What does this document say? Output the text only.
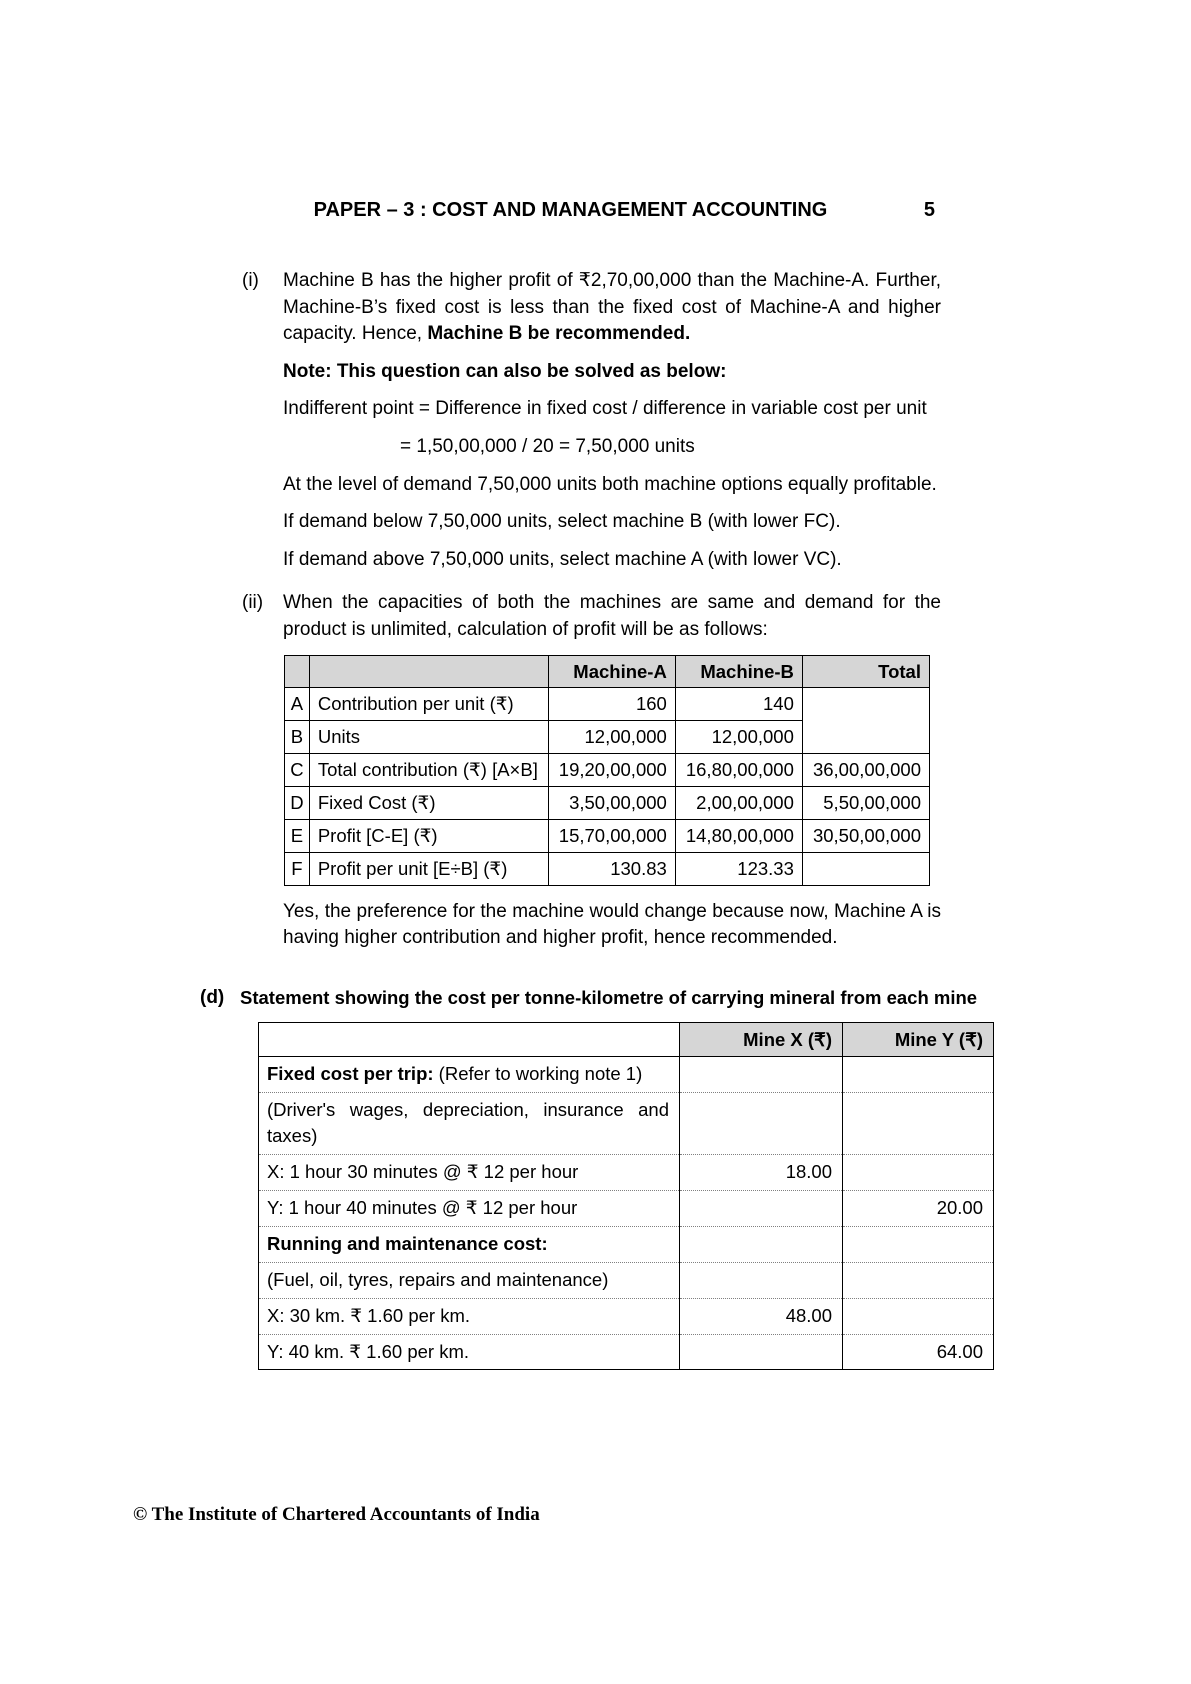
PAPER – 3 : COST AND MANAGEMENT ACCOUNTING	5
(i)	Machine B has the higher profit of ₹2,70,00,000 than the Machine-A. Further, Machine-B’s fixed cost is less than the fixed cost of Machine-A and higher capacity. Hence, Machine B be recommended.

Note: This question can also be solved as below:

Indifferent point = Difference in fixed cost / difference in variable cost per unit

= 1,50,00,000 / 20 = 7,50,000 units

At the level of demand 7,50,000 units both machine options equally profitable.

If demand below 7,50,000 units, select machine B (with lower FC).

If demand above 7,50,000 units, select machine A (with lower VC).

(ii)	When the capacities of both the machines are same and demand for the product is unlimited, calculation of profit will be as follows:

		Machine-A	Machine-B	Total
A	Contribution per unit (₹)	160	140	
B	Units	12,00,000	12,00,000	
C	Total contribution (₹) [A×B]	19,20,00,000	16,80,00,000	36,00,00,000
D	Fixed Cost (₹)	3,50,00,000	2,00,00,000	5,50,00,000
E	Profit [C-E] (₹)	15,70,00,000	14,80,00,000	30,50,00,000
F	Profit per unit [E÷B] (₹)	130.83	123.33	

Yes, the preference for the machine would change because now, Machine A is having higher contribution and higher profit, hence recommended.

(d) Statement showing the cost per tonne-kilometre of carrying mineral from each mine
	Mine X (₹)	Mine Y (₹)
Fixed cost per trip: (Refer to working note 1)		
(Driver's wages, depreciation, insurance and taxes)		
X: 1 hour 30 minutes @ ₹ 12 per hour	18.00	
Y: 1 hour 40 minutes @ ₹ 12 per hour		20.00
Running and maintenance cost:		
(Fuel, oil, tyres, repairs and maintenance)		
X: 30 km. ₹ 1.60 per km.	48.00	
Y: 40 km. ₹ 1.60 per km.		64.00
© The Institute of Chartered Accountants of India
